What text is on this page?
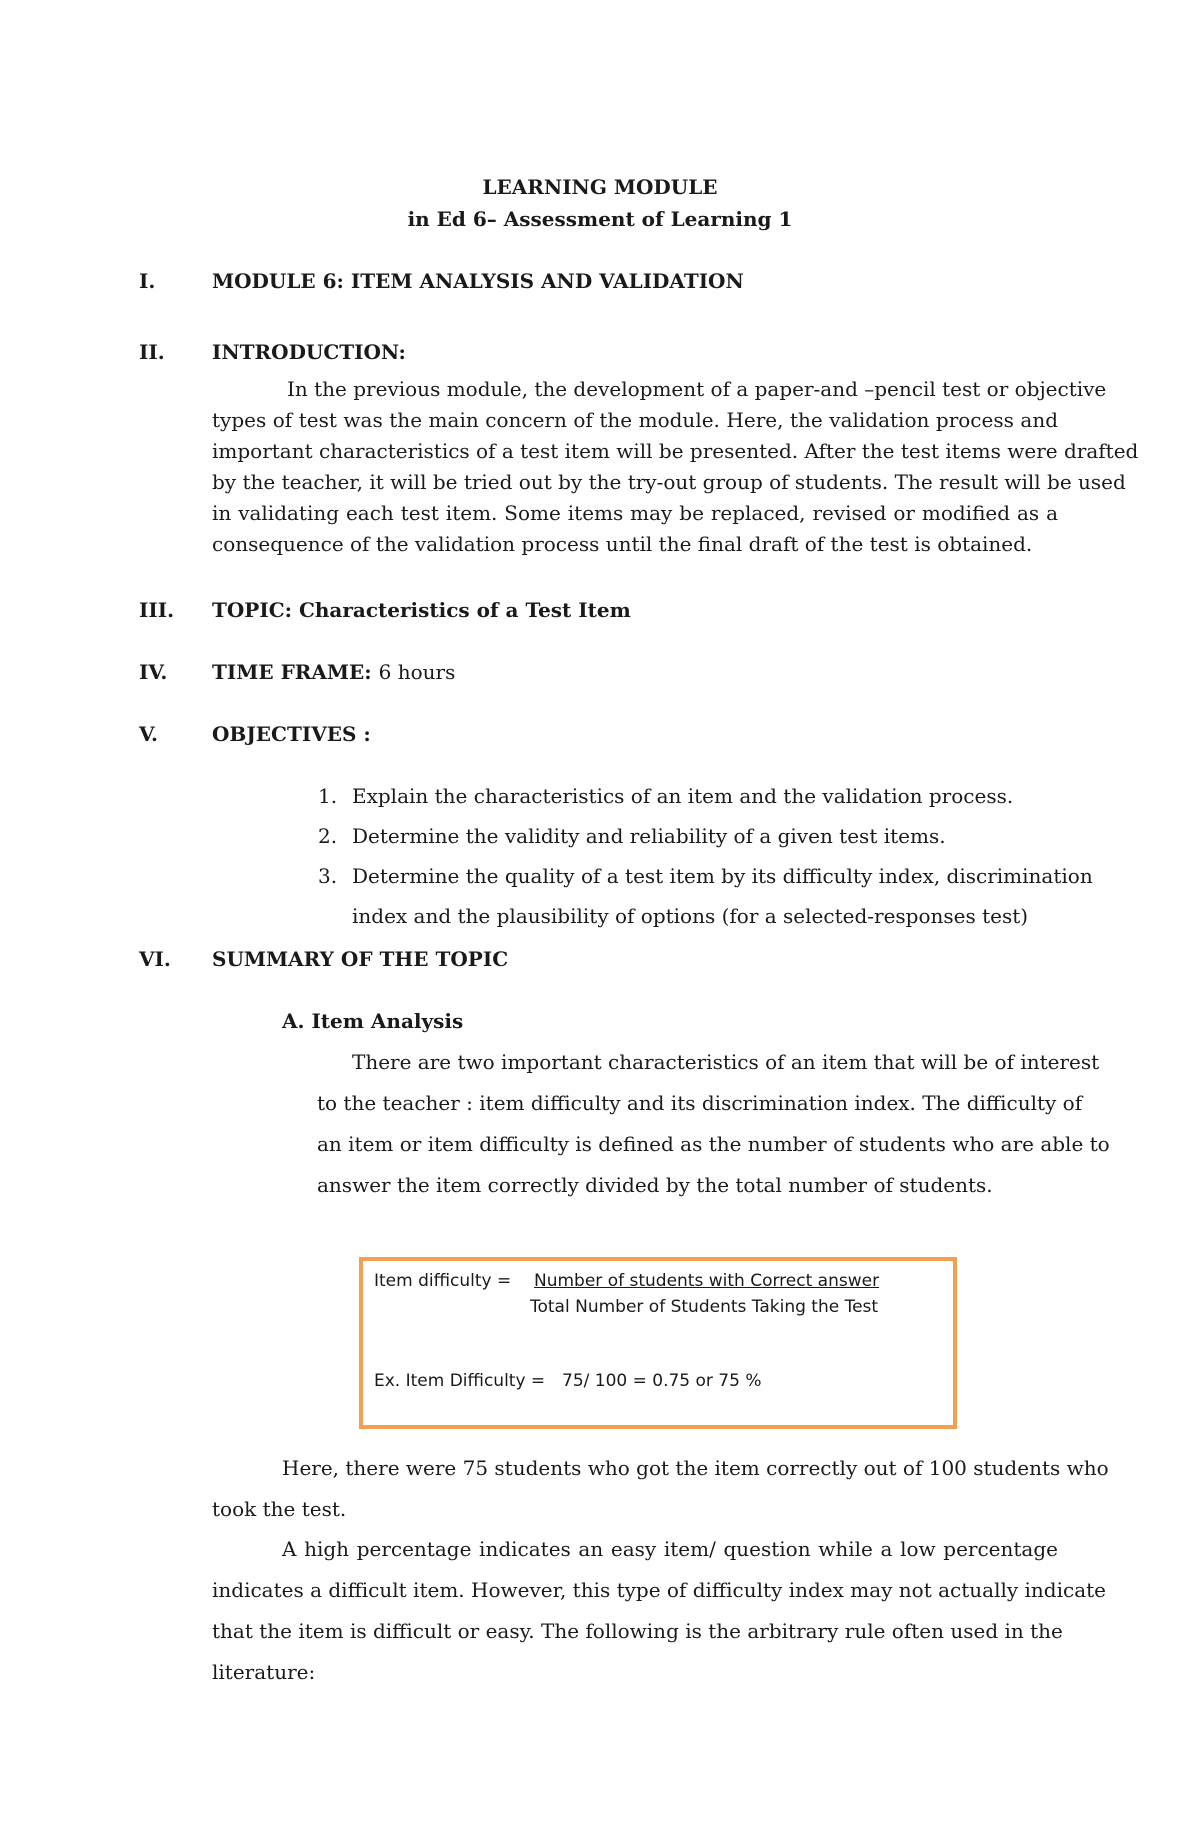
LEARNING MODULE
in Ed 6– Assessment of Learning 1
I.	MODULE 6: ITEM ANALYSIS AND VALIDATION
II. INTRODUCTION:
In the previous module, the development of a paper-and –pencil test or objective
types of test was the main concern of the module. Here, the validation process and
important characteristics of a test item will be presented. After the test items were drafted
by the teacher, it will be tried out by the try-out group of students. The result will be used
in validating each test item. Some items may be replaced, revised or modified as a
consequence of the validation process until the final draft of the test is obtained.
III. TOPIC: Characteristics of a Test Item
IV. TIME FRAME: 6 hours
V.	OBJECTIVES :
1. Explain the characteristics of an item and the validation process.
2. Determine the validity and reliability of a given test items.
3. Determine the quality of a test item by its difficulty index, discrimination
index and the plausibility of options (for a selected-responses test)
VI. SUMMARY OF THE TOPIC
A. Item Analysis
There are two important characteristics of an item that will be of interest
to the teacher : item difficulty and its discrimination index. The difficulty of
an item or item difficulty is defined as the number of students who are able to
answer the item correctly divided by the total number of students.
Item difficulty = Number of students with Correct answer
Total Number of Students Taking the Test
Ex. Item Difficulty = 75/ 100 = 0.75 or 75 %
Here, there were 75 students who got the item correctly out of 100 students who
took the test.
A high percentage indicates an easy item/ question while a low percentage
indicates a difficult item. However, this type of difficulty index may not actually indicate
that the item is difficult or easy. The following is the arbitrary rule often used in the
literature:
